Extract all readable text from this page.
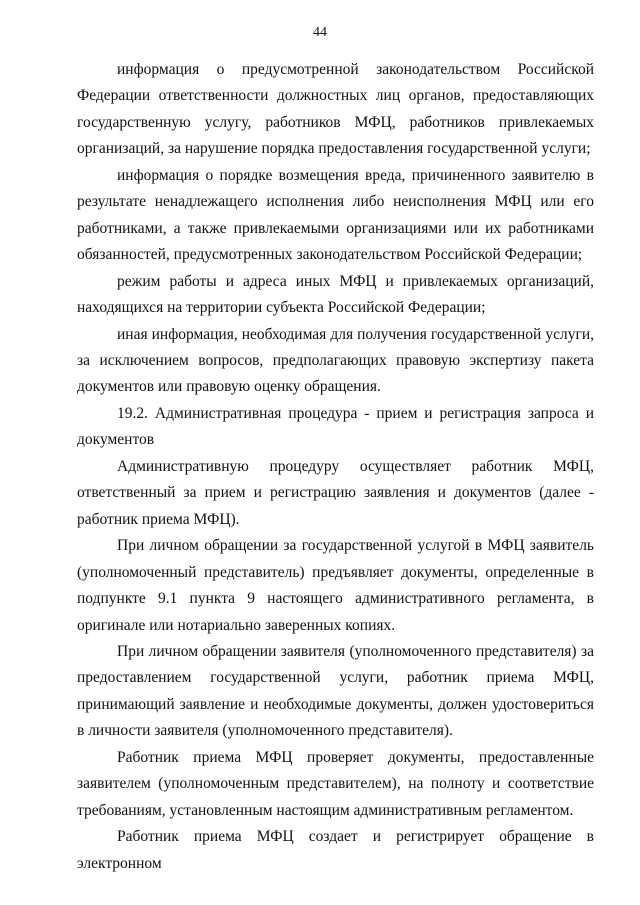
44

информация о предусмотренной законодательством Российской Федерации ответственности должностных лиц органов, предоставляющих государственную услугу, работников МФЦ, работников привлекаемых организаций, за нарушение порядка предоставления государственной услуги;

информация о порядке возмещения вреда, причиненного заявителю в результате ненадлежащего исполнения либо неисполнения МФЦ или его работниками, а также привлекаемыми организациями или их работниками обязанностей, предусмотренных законодательством Российской Федерации;

режим работы и адреса иных МФЦ и привлекаемых организаций, находящихся на территории субъекта Российской Федерации;

иная информация, необходимая для получения государственной услуги, за исключением вопросов, предполагающих правовую экспертизу пакета документов или правовую оценку обращения.

19.2. Административная процедура - прием и регистрация запроса и документов

Административную процедуру осуществляет работник МФЦ, ответственный за прием и регистрацию заявления и документов (далее - работник приема МФЦ).

При личном обращении за государственной услугой в МФЦ заявитель (уполномоченный представитель) предъявляет документы, определенные в подпункте 9.1 пункта 9 настоящего административного регламента, в оригинале или нотариально заверенных копиях.

При личном обращении заявителя (уполномоченного представителя) за предоставлением государственной услуги, работник приема МФЦ, принимающий заявление и необходимые документы, должен удостовериться в личности заявителя (уполномоченного представителя).

Работник приема МФЦ проверяет документы, предоставленные заявителем (уполномоченным представителем), на полноту и соответствие требованиям, установленным настоящим административным регламентом.

Работник приема МФЦ создает и регистрирует обращение в электронном
